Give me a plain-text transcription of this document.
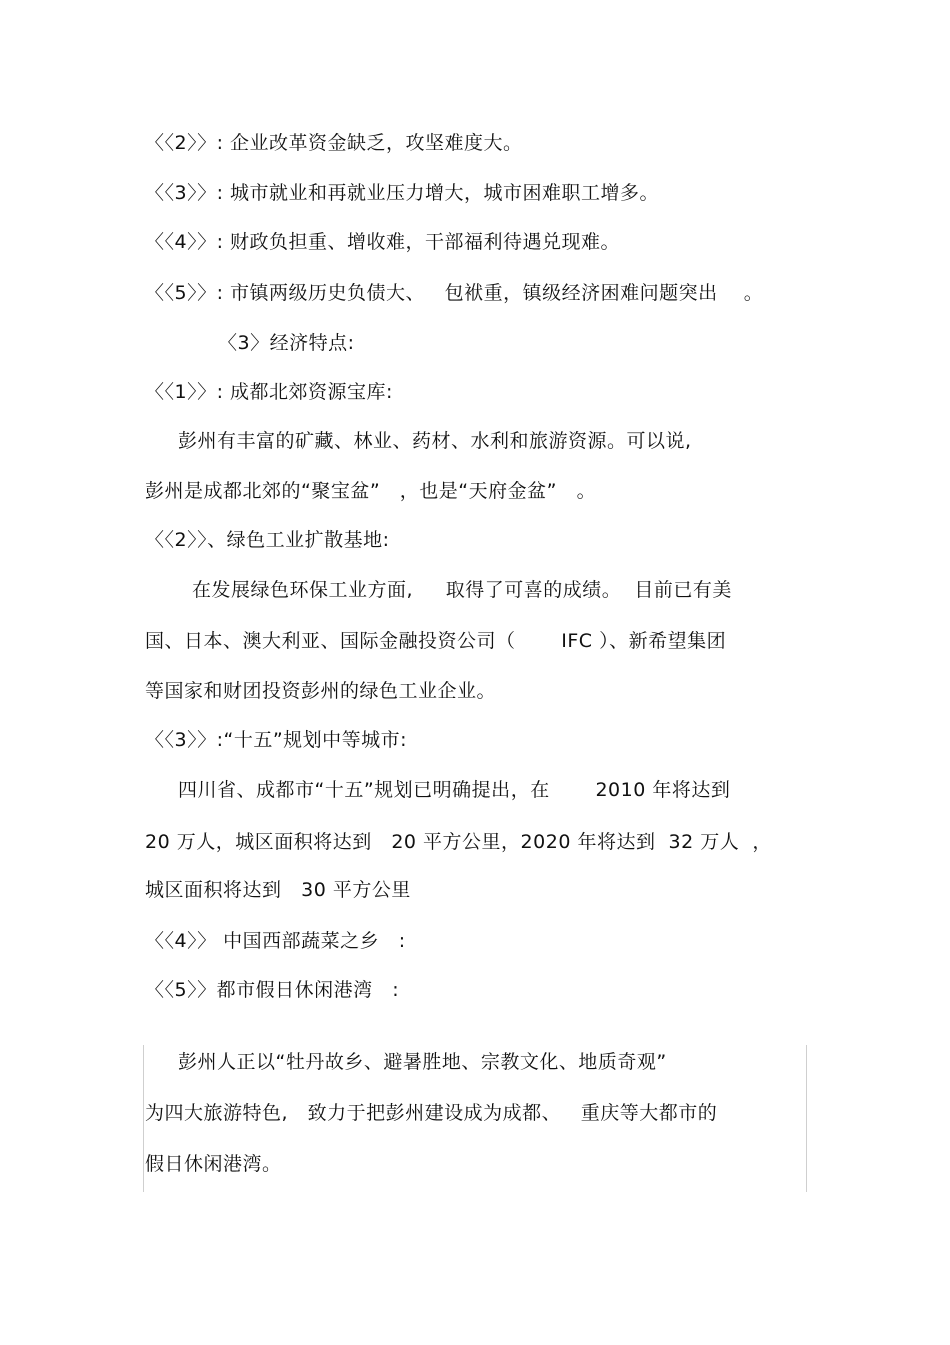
〈〈2〉〉: 企业改革资金缺乏，攻坚难度大。
〈〈3〉〉: 城市就业和再就业压力增大，城市困难职工增多。
〈〈4〉〉: 财政负担重、增收难，干部福利待遇兑现难。
〈〈5〉〉: 市镇两级历史负债大、   包袱重，镇级经济困难问题突出    。
〈3〉经济特点:
〈〈1〉〉: 成都北郊资源宝库:
彭州有丰富的矿藏、林业、药材、水利和旅游资源。可以说,
彭州是成都北郊的“聚宝盆”   ，也是“天府金盆”   。
〈〈2〉〉、绿色工业扩散基地:
在发展绿色环保工业方面,     取得了可喜的成绩。  目前已有美
国、日本、澳大利亚、国际金融投资公司（       IFC ）、新希望集团
等国家和财团投资彭州的绿色工业企业。
〈〈3〉〉:“十五”规划中等城市:
四川省、成都市“十五”规划已明确提出，在       2010 年将达到
20 万人，城区面积将达到   20 平方公里，2020 年将达到  32 万人  ，
城区面积将达到   30 平方公里
〈〈4〉〉 中国西部蔬菜之乡   :
〈〈5〉〉都市假日休闲港湾   :
彭州人正以“牡丹故乡、避暑胜地、宗教文化、地质奇观”
为四大旅游特色,   致力于把彭州建设成为成都、   重庆等大都市的
假日休闲港湾。
